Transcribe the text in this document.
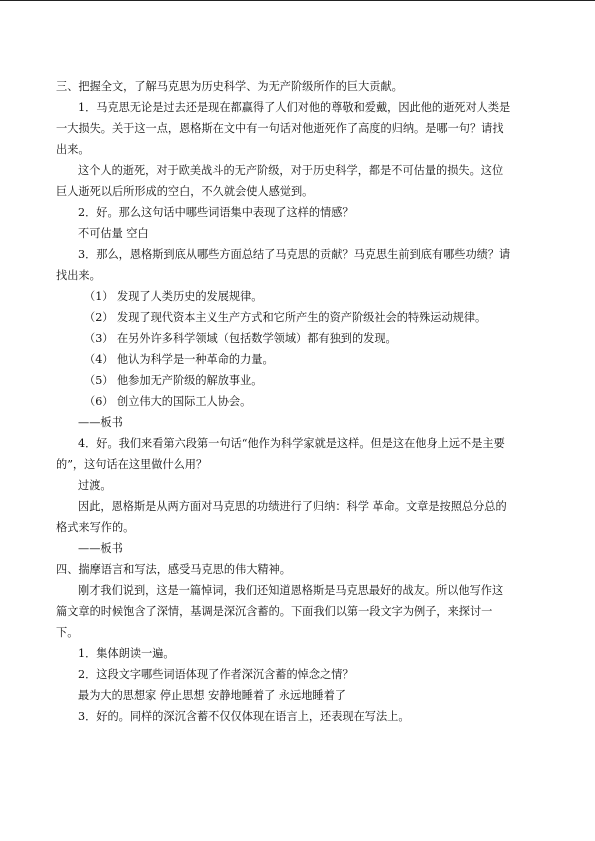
三、把握全文，了解马克思为历史科学、为无产阶级所作的巨大贡献。
1．马克思无论是过去还是现在都赢得了人们对他的尊敬和爱戴，因此他的逝死对人类是
一大损失。关于这一点，恩格斯在文中有一句话对他逝死作了高度的归纳。是哪一句？请找
出来。
这个人的逝死，对于欧美战斗的无产阶级，对于历史科学，都是不可估量的损失。这位
巨人逝死以后所形成的空白，不久就会使人感觉到。
2．好。那么这句话中哪些词语集中表现了这样的情感？
不可估量 空白
3．那么，恩格斯到底从哪些方面总结了马克思的贡献？马克思生前到底有哪些功绩？请
找出来。
（1） 发现了人类历史的发展规律。
（2） 发现了现代资本主义生产方式和它所产生的资产阶级社会的特殊运动规律。
（3） 在另外许多科学领域（包括数学领域）都有独到的发现。
（4） 他认为科学是一种革命的力量。
（5） 他参加无产阶级的解放事业。
（6） 创立伟大的国际工人协会。
——板书
4．好。我们来看第六段第一句话“他作为科学家就是这样。但是这在他身上远不是主要
的”，这句话在这里做什么用？
过渡。
因此，恩格斯是从两方面对马克思的功绩进行了归纳：科学 革命。文章是按照总分总的
格式来写作的。
——板书
四、揣摩语言和写法，感受马克思的伟大精神。
刚才我们说到，这是一篇悼词，我们还知道恩格斯是马克思最好的战友。所以他写作这
篇文章的时候饱含了深情，基调是深沉含蓄的。下面我们以第一段文字为例子，来探讨一
下。
1．集体朗读一遍。
2．这段文字哪些词语体现了作者深沉含蓄的悼念之情？
最为大的思想家 停止思想 安静地睡着了 永远地睡着了
3．好的。同样的深沉含蓄不仅仅体现在语言上，还表现在写法上。
